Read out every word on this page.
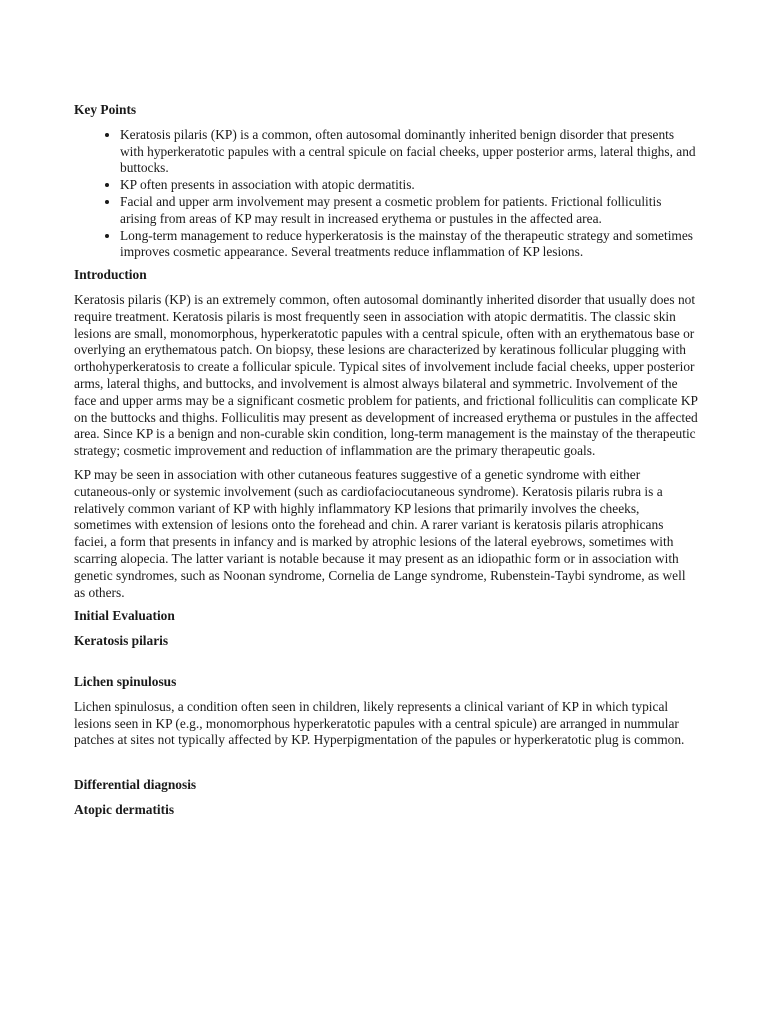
Key Points
• Keratosis pilaris (KP) is a common, often autosomal dominantly inherited benign disorder that presents with hyperkeratotic papules with a central spicule on facial cheeks, upper posterior arms, lateral thighs, and buttocks.
• KP often presents in association with atopic dermatitis.
• Facial and upper arm involvement may present a cosmetic problem for patients. Frictional folliculitis arising from areas of KP may result in increased erythema or pustules in the affected area.
• Long-term management to reduce hyperkeratosis is the mainstay of the therapeutic strategy and sometimes improves cosmetic appearance. Several treatments reduce inflammation of KP lesions.
Introduction

Keratosis pilaris (KP) is an extremely common, often autosomal dominantly inherited disorder that usually does not require treatment. Keratosis pilaris is most frequently seen in association with atopic dermatitis. The classic skin lesions are small, monomorphous, hyperkeratotic papules with a central spicule, often with an erythematous base or overlying an erythematous patch. On biopsy, these lesions are characterized by keratinous follicular plugging with orthohyperkeratosis to create a follicular spicule. Typical sites of involvement include facial cheeks, upper posterior arms, lateral thighs, and buttocks, and involvement is almost always bilateral and symmetric. Involvement of the face and upper arms may be a significant cosmetic problem for patients, and frictional folliculitis can complicate KP on the buttocks and thighs. Folliculitis may present as development of increased erythema or pustules in the affected area. Since KP is a benign and non-curable skin condition, long-term management is the mainstay of the therapeutic strategy; cosmetic improvement and reduction of inflammation are the primary therapeutic goals.

KP may be seen in association with other cutaneous features suggestive of a genetic syndrome with either cutaneous-only or systemic involvement (such as cardiofaciocutaneous syndrome). Keratosis pilaris rubra is a relatively common variant of KP with highly inflammatory KP lesions that primarily involves the cheeks, sometimes with extension of lesions onto the forehead and chin. A rarer variant is keratosis pilaris atrophicans faciei, a form that presents in infancy and is marked by atrophic lesions of the lateral eyebrows, sometimes with scarring alopecia. The latter variant is notable because it may present as an idiopathic form or in association with genetic syndromes, such as Noonan syndrome, Cornelia de Lange syndrome, Rubenstein-Taybi syndrome, as well as others.

Initial Evaluation
Keratosis pilaris
Lichen spinulosus

Lichen spinulosus, a condition often seen in children, likely represents a clinical variant of KP in which typical lesions seen in KP (e.g., monomorphous hyperkeratotic papules with a central spicule) are arranged in nummular patches at sites not typically affected by KP. Hyperpigmentation of the papules or hyperkeratotic plug is common.

Differential diagnosis
Atopic dermatitis
